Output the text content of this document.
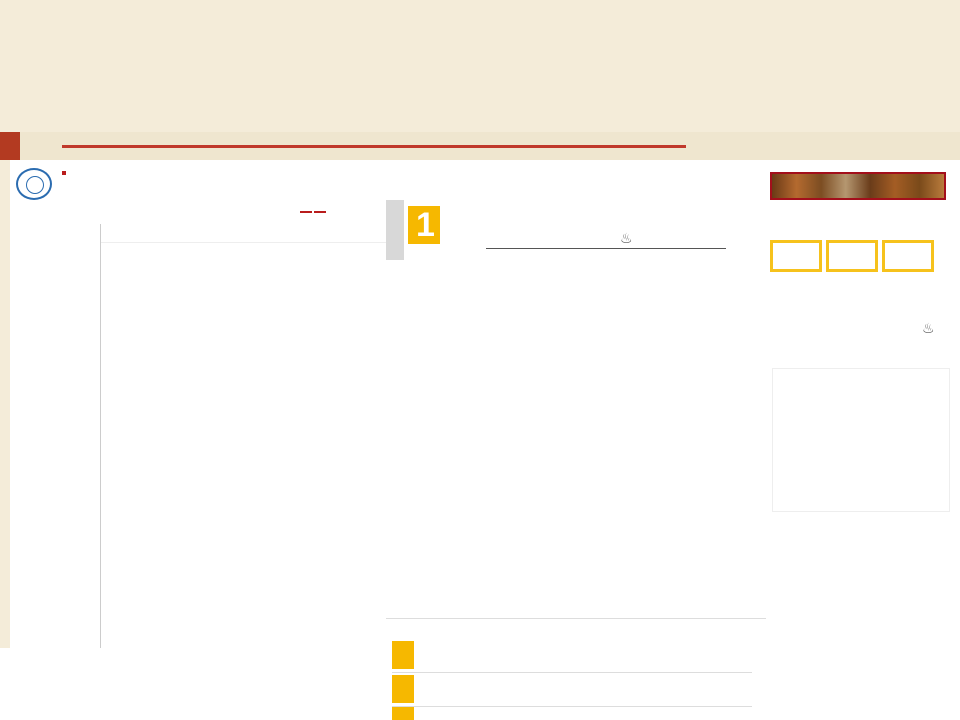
1
♨
♨
